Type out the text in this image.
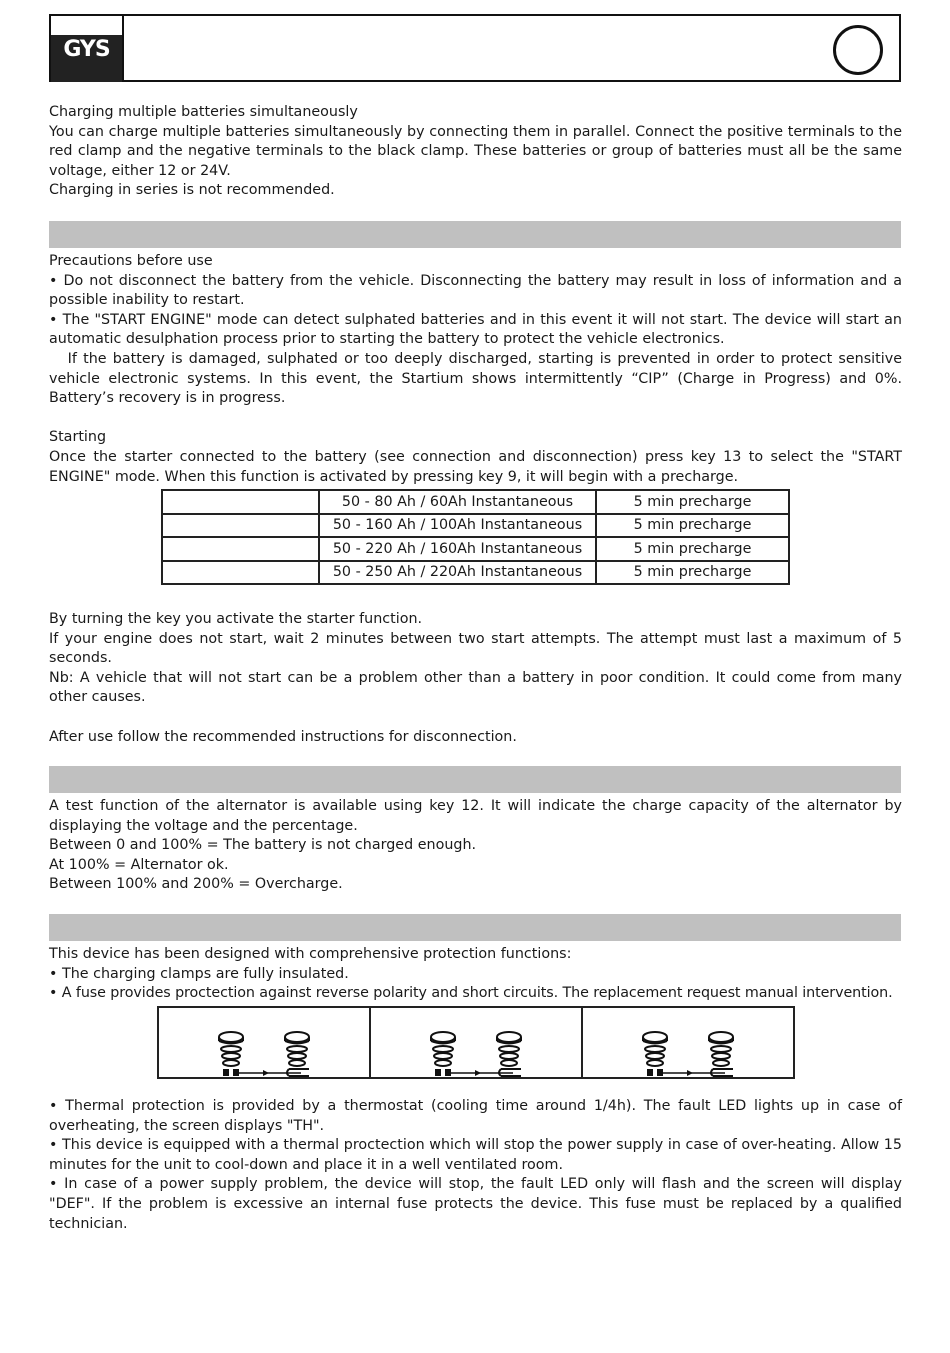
GYS
Charging multiple batteries simultaneously
You can charge multiple batteries simultaneously by connecting them in parallel. Connect the positive terminals to the red clamp and the negative terminals to the black clamp. These batteries or group of batteries must all be the same voltage, either 12 or 24V.
Charging in series is not recommended.
Precautions before use
• Do not disconnect the battery from the vehicle. Disconnecting the battery may result in loss of information and a possible inability to restart.
• The "START ENGINE" mode can detect sulphated batteries and in this event it will not start. The device will start an automatic desulphation process prior to starting the battery to protect the vehicle electronics.
If the battery is damaged, sulphated or too deeply discharged, starting is prevented in order to protect sensitive vehicle electronic systems. In this event, the Startium shows intermittently “CIP” (Charge in Progress) and 0%. Battery’s recovery is in progress.
Starting
Once the starter connected to the battery (see connection and disconnection) press key 13 to select the "START ENGINE" mode. When this function is activated by pressing key 9, it will begin with a precharge.
	50 - 80 Ah / 60Ah Instantaneous	5 min precharge
	50 - 160 Ah / 100Ah Instantaneous	5 min precharge
	50 - 220 Ah / 160Ah Instantaneous	5 min precharge
	50 - 250 Ah / 220Ah Instantaneous	5 min precharge
By turning the key you activate the starter function.
If your engine does not start, wait 2 minutes between two start attempts. The attempt must last a maximum of 5 seconds.
Nb: A vehicle that will not start can be a problem other than a battery in poor condition. It could come from many other causes.
After use follow the recommended instructions for disconnection.
A test function of the alternator is available using key 12. It will indicate the charge capacity of the alternator by displaying the voltage and the percentage.
Between 0 and 100% = The battery is not charged enough.
At 100% = Alternator ok.
Between 100% and 200% = Overcharge.
This device has been designed with comprehensive protection functions:
• The charging clamps are fully insulated.
• A fuse provides proctection against reverse polarity and short circuits. The replacement request manual intervention.
• Thermal protection is provided by a thermostat (cooling time around 1/4h). The fault LED lights up in case of overheating, the screen displays "TH".
• This device is equipped with a thermal proctection which will stop the power supply in case of over-heating. Allow 15 minutes for the unit to cool-down and place it in a well ventilated room.
• In case of a power supply problem, the device will stop, the fault LED only will flash and the screen will display "DEF". If the problem is excessive an internal fuse protects the device. This fuse must be replaced by a qualified technician.
